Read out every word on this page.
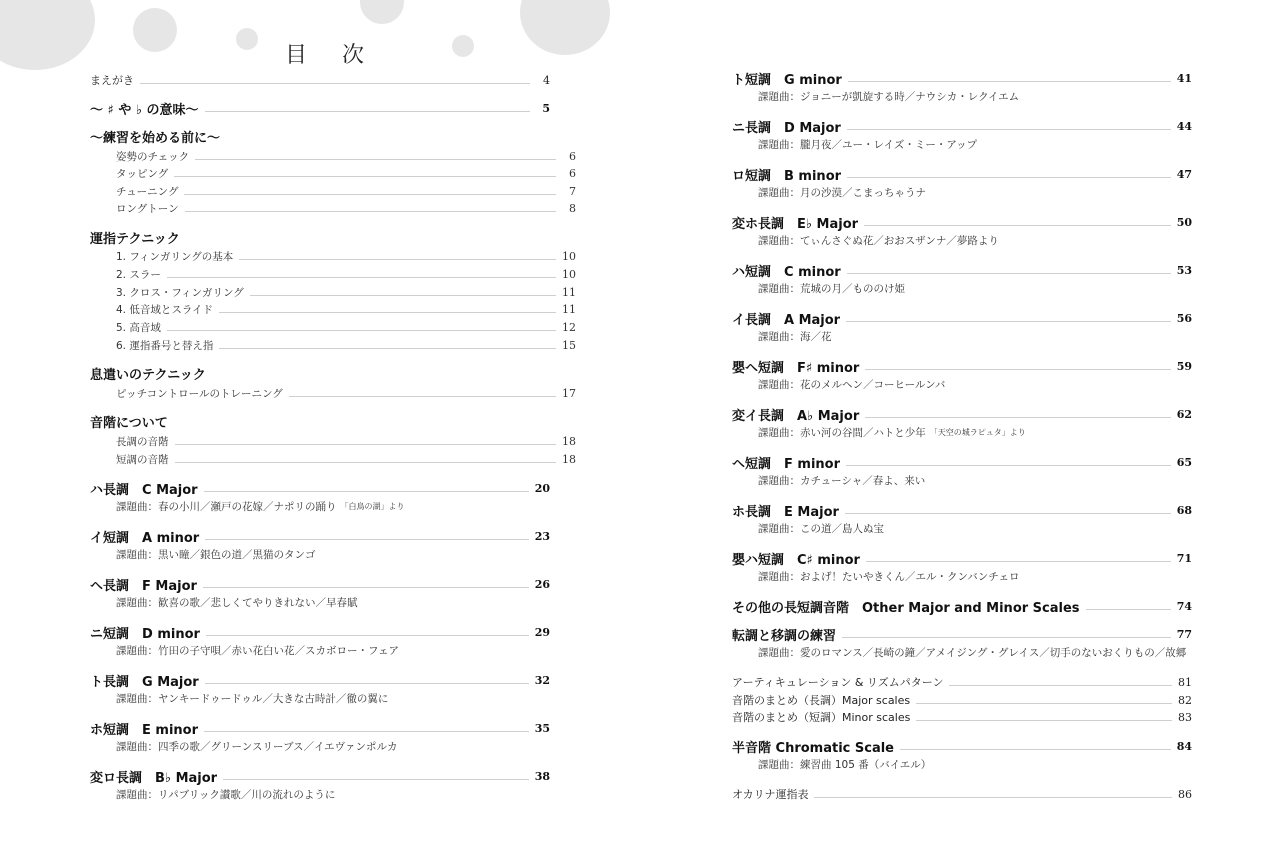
目 次
まえがき	4
～ ♯ や ♭ の意味～	5
～練習を始める前に～
姿勢のチェック	6
タッピング	6
チューニング	7
ロングトーン	8
運指テクニック
1. フィンガリングの基本	10
2. スラー	10
3. クロス・フィンガリング	11
4. 低音域とスライド	11
5. 高音域	12
6. 運指番号と替え指	15
息遣いのテクニック
ピッチコントロールのトレーニング	17
音階について
長調の音階	18
短調の音階	18
ハ長調　C Major	20
課題曲：春の小川／瀬戸の花嫁／ナポリの踊り 「白鳥の湖」より
イ短調　A minor	23
課題曲：黒い瞳／銀色の道／黒猫のタンゴ
ヘ長調　F Major	26
課題曲：歓喜の歌／悲しくてやりきれない／早春賦
ニ短調　D minor	29
課題曲：竹田の子守唄／赤い花白い花／スカボロー・フェア
ト長調　G Major	32
課題曲：ヤンキードゥードゥル／大きな古時計／徹の翼に
ホ短調　E minor	35
課題曲：四季の歌／グリーンスリーブス／イエヴァンポルカ
変ロ長調　B♭ Major	38
課題曲：リパブリック讃歌／川の流れのように
ト短調　G minor	41
課題曲：ジョニーが凱旋する時／ナウシカ・レクイエム
ニ長調　D Major	44
課題曲：朧月夜／ユー・レイズ・ミー・アップ
ロ短調　B minor	47
課題曲：月の沙漠／こまっちゃうナ
変ホ長調　E♭ Major	50
課題曲：てぃんさぐぬ花／おおスザンナ／夢路より
ハ短調　C minor	53
課題曲：荒城の月／もののけ姫
イ長調　A Major	56
課題曲：海／花
嬰ヘ短調　F♯ minor	59
課題曲：花のメルヘン／コーヒールンバ
変イ長調　A♭ Major	62
課題曲：赤い河の谷間／ハトと少年 「天空の城ラピュタ」より
ヘ短調　F minor	65
課題曲：カチューシャ／春よ、来い
ホ長調　E Major	68
課題曲：この道／島人ぬ宝
嬰ハ短調　C♯ minor	71
課題曲：およげ！たいやきくん／エル・クンバンチェロ
その他の長短調音階　Other Major and Minor Scales	74
転調と移調の練習	77
課題曲：愛のロマンス／長崎の鐘／アメイジング・グレイス／切手のないおくりもの／故郷
アーティキュレーション & リズムパターン	81
音階のまとめ（長調）Major scales	82
音階のまとめ（短調）Minor scales	83
半音階 Chromatic Scale	84
課題曲：練習曲 105 番（バイエル）
オカリナ運指表	86
